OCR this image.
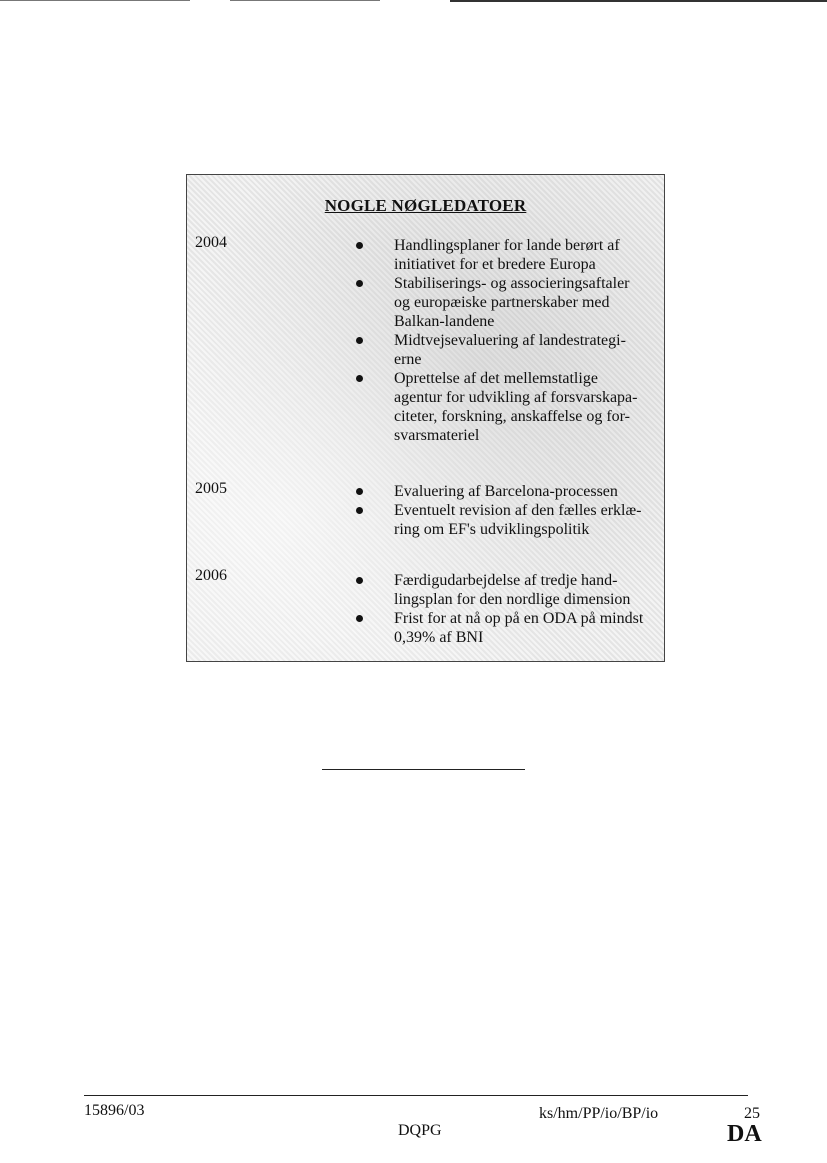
NOGLE NØGLEDATOER
2004	Handlingsplaner for lande berørt af
initiativet for et bredere Europa
Stabiliserings- og associeringsaftaler
og europæiske partnerskaber med
Balkan-landene
Midtvejsevaluering af landestrategi-
erne
Oprettelse af det mellemstatlige
agentur for udvikling af forsvarskapa-
citeter, forskning, anskaffelse og for-
svarsmateriel
2005	Evaluering af Barcelona-processen
Eventuelt revision af den fælles erklæ-
ring om EF's udviklingspolitik
2006	Færdigudarbejdelse af tredje hand-
lingsplan for den nordlige dimension
Frist for at nå op på en ODA på mindst
0,39% af BNI
15896/03	ks/hm/PP/io/BP/io	25
DQPG	DA
